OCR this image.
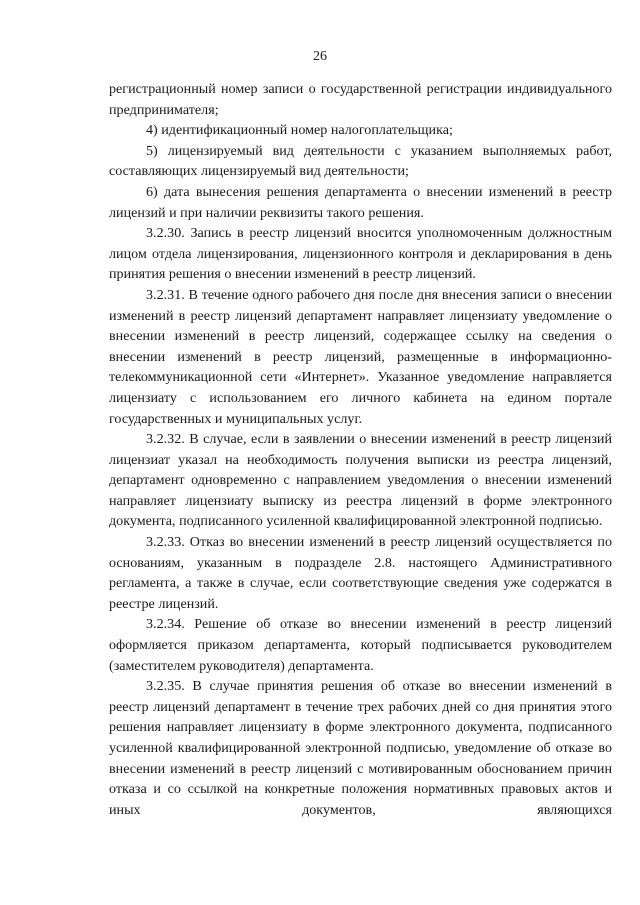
26

регистрационный номер записи о государственной регистрации индивидуального предпринимателя;

4) идентификационный номер налогоплательщика;

5) лицензируемый вид деятельности с указанием выполняемых работ, составляющих лицензируемый вид деятельности;

6) дата вынесения решения департамента о внесении изменений в реестр лицензий и при наличии реквизиты такого решения.

3.2.30. Запись в реестр лицензий вносится уполномоченным должностным лицом отдела лицензирования, лицензионного контроля и декларирования в день принятия решения о внесении изменений в реестр лицензий.

3.2.31. В течение одного рабочего дня после дня внесения записи о внесении изменений в реестр лицензий департамент направляет лицензиату уведомление о внесении изменений в реестр лицензий, содержащее ссылку на сведения о внесении изменений в реестр лицензий, размещенные в информационно-телекоммуникационной сети «Интернет». Указанное уведомление направляется лицензиату с использованием его личного кабинета на едином портале государственных и муниципальных услуг.

3.2.32. В случае, если в заявлении о внесении изменений в реестр лицензий лицензиат указал на необходимость получения выписки из реестра лицензий, департамент одновременно с направлением уведомления о внесении изменений направляет лицензиату выписку из реестра лицензий в форме электронного документа, подписанного усиленной квалифицированной электронной подписью.

3.2.33. Отказ во внесении изменений в реестр лицензий осуществляется по основаниям, указанным в подразделе 2.8. настоящего Административного регламента, а также в случае, если соответствующие сведения уже содержатся в реестре лицензий.

3.2.34. Решение об отказе во внесении изменений в реестр лицензий оформляется приказом департамента, который подписывается руководителем (заместителем руководителя) департамента.

3.2.35. В случае принятия решения об отказе во внесении изменений в реестр лицензий департамент в течение трех рабочих дней со дня принятия этого решения направляет лицензиату в форме электронного документа, подписанного усиленной квалифицированной электронной подписью, уведомление об отказе во внесении изменений в реестр лицензий с мотивированным обоснованием причин отказа и со ссылкой на конкретные положения нормативных правовых актов и иных документов, являющихся
